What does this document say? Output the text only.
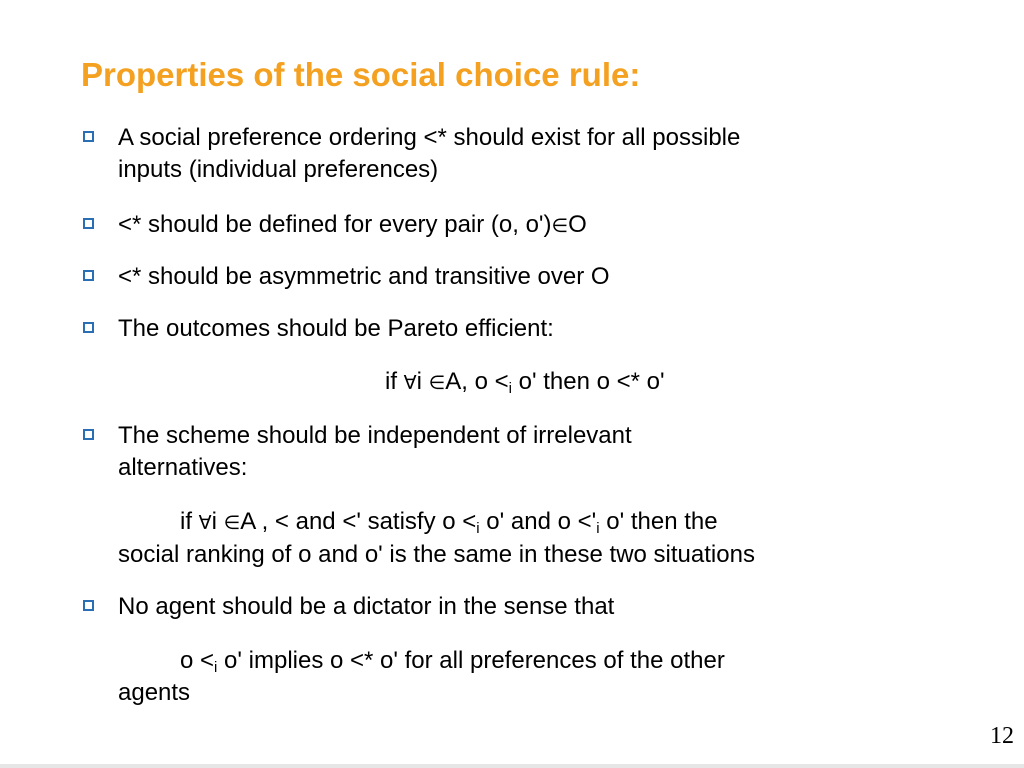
Properties of the social choice rule:
A social preference ordering <* should exist for all possible
inputs (individual preferences)
<* should be defined for every pair (o, o')∈O
<* should be asymmetric and transitive over O
The outcomes should be Pareto efficient:
if ∀i ∈A, $o <_i$ o' then o <* o'
The scheme should be independent of irrelevant
alternatives:
if ∀i ∈A , < and <' satisfy $o <_i$ o' and $o <'_i$ o' then the
social ranking of o and o' is the same in these two situations
No agent should be a dictator in the sense that
$o <_i$ o' implies o <* o' for all preferences of the other
agents
12
